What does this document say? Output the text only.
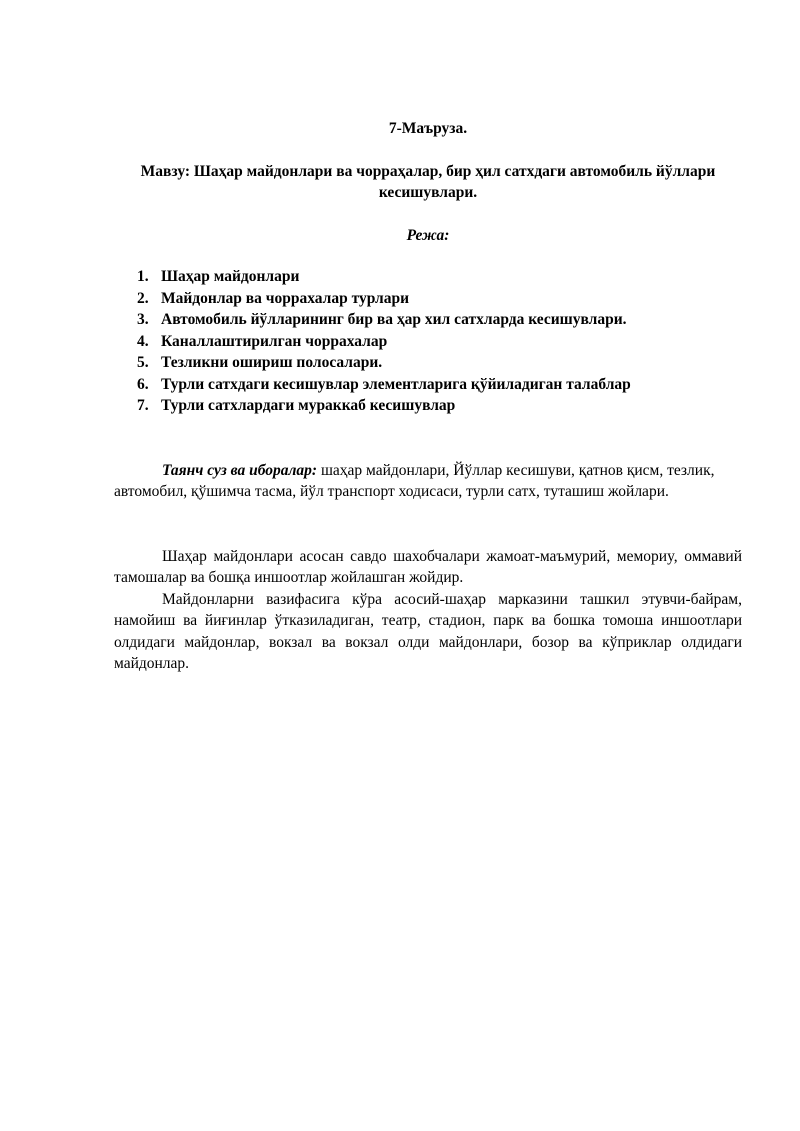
7-Маъруза.

Мавзу: Шаҳар майдонлари ва чорраҳалар, бир ҳил сатхдаги автомобиль йўллари кесишувлари.

Режа:

1. Шаҳар майдонлари
2. Майдонлар ва чоррахалар турлари
3. Автомобиль йўлларининг бир ва ҳар хил сатхларда кесишувлари.
4. Каналлаштирилган чоррахалар
5. Тезликни ошириш полосалари.
6. Турли сатхдаги кесишувлар элементларига қўйиладиган талаблар
7. Турли сатхлардаги мураккаб кесишувлар

Таянч суз ва иборалар: шаҳар майдонлари, Йўллар кесишуви, қатнов қисм, тезлик, автомобил, қўшимча тасма, йўл транспорт ходисаси, турли сатх, туташиш жойлари.

Шаҳар майдонлари асосан савдо шахобчалари жамоат-маъмурий, мемориy, оммавий тамошалар ва бошқа иншоотлар жойлашган жойдир.

Майдонларни вазифасига кўра асосий-шаҳар марказини ташкил этувчи-байрам, намойиш ва йиғинлар ўтказиладиган, театр, стадион, парк ва бошка томоша иншоотлари олдидаги майдонлар, вокзал ва вокзал олди майдонлари, бозор ва кўприклар олдидаги майдонлар.
